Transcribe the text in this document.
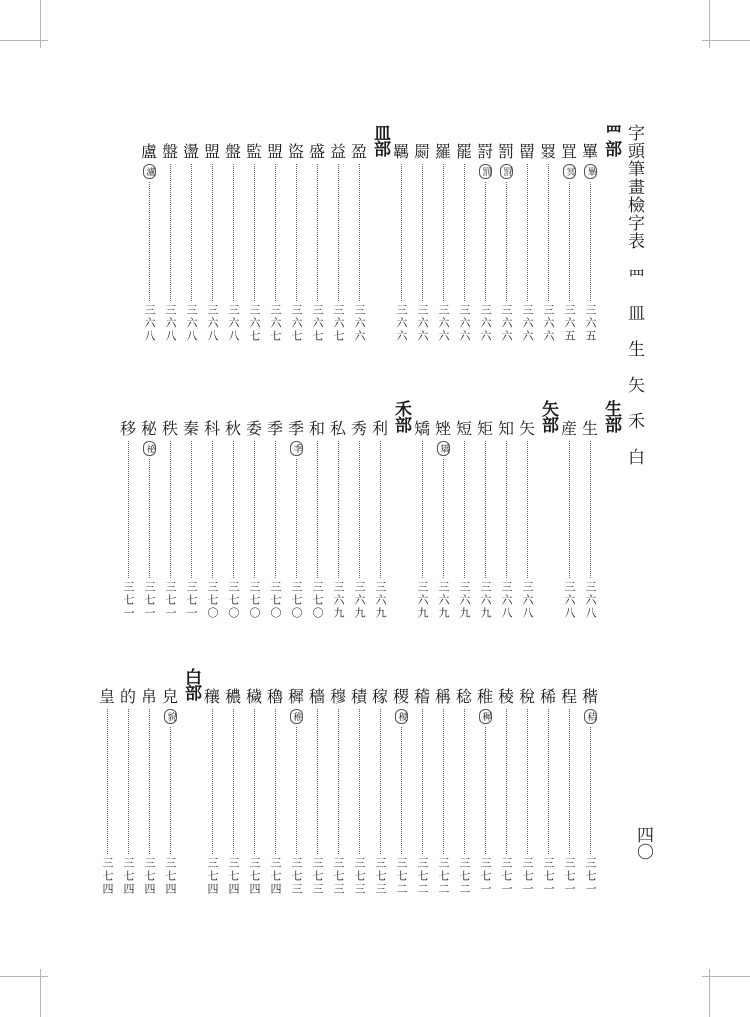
字頭筆畫檢字表　罒　皿　生　矢　禾　白
四〇
罒部
罼
畢
三六五
罝
冥
三六五
罬
三六六
罶
三六六
罰
罸
三六六
罸
罰
三六六
罷
三六六
羅
三六六
罽
三六六
羈
三六六
皿部
盈
三六六
益
三六七
盛
三六七
盜
三六七
盟
三六七
監
三六七
盤
三六八
盟
三六八
盪
三六八
盤
三六八
盧
瀘
三六八
生部
生
三六八
産
三六八
矢部
矢
三六八
知
三六八
矩
三六九
短
三六九
矬
矯
三六九
矯
三六九
禾部
利
三六九
秀
三六九
私
三六九
和
三七〇
季
秊
三七〇
季
三七〇
委
三七〇
秋
三七〇
科
三七〇
秦
三七一
秩
三七一
秘
祕
三七一
移
三七一
稭
秸
三七一
程
三七一
稀
三七一
稅
三七一
稜
三七一
稚
穉
三七一
稔
三七二
稱
三七二
稽
三七二
稷
稯
三七二
稼
三七三
積
三七三
穆
三七三
穡
三七三
穉
稚
三七三
穭
三七四
穢
三七四
穠
三七四
穰
三七四
白部
皃
貌
三七四
帛
三七四
的
三七四
皇
三七四
